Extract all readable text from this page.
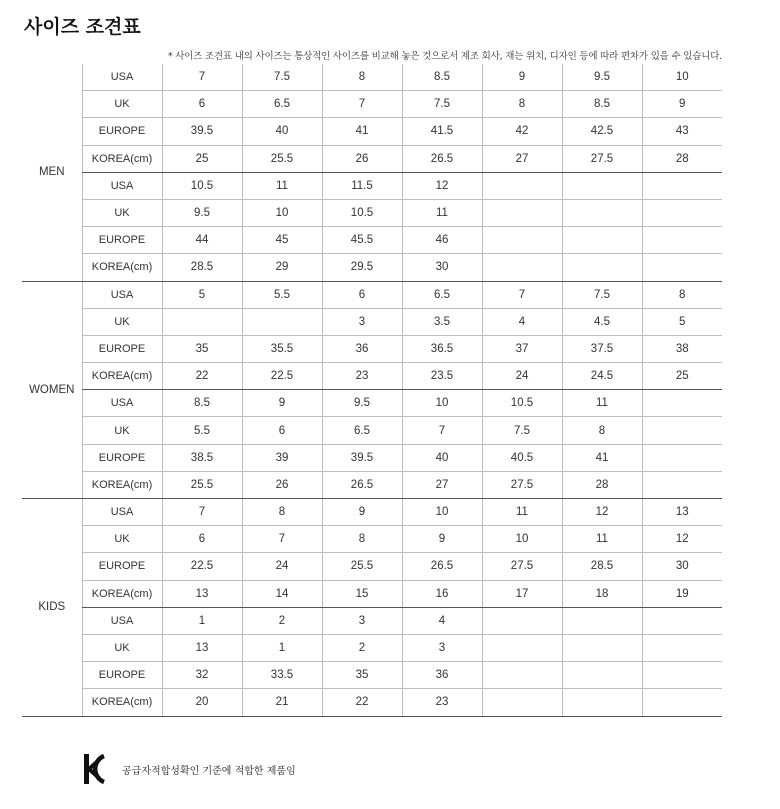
사이즈 조견표
* 사이즈 조견표 내의 사이즈는 통상적인 사이즈를 비교해 놓은 것으로서 제조 회사, 재는 위치, 디자인 등에 따라 편차가 있을 수 있습니다.
MEN	USA	7	7.5	8	8.5	9	9.5	10
	UK	6	6.5	7	7.5	8	8.5	9
	EUROPE	39.5	40	41	41.5	42	42.5	43
	KOREA(cm)	25	25.5	26	26.5	27	27.5	28
	USA	10.5	11	11.5	12			
	UK	9.5	10	10.5	11			
	EUROPE	44	45	45.5	46			
	KOREA(cm)	28.5	29	29.5	30			
WOMEN	USA	5	5.5	6	6.5	7	7.5	8
	UK			3	3.5	4	4.5	5
	EUROPE	35	35.5	36	36.5	37	37.5	38
	KOREA(cm)	22	22.5	23	23.5	24	24.5	25
	USA	8.5	9	9.5	10	10.5	11	
	UK	5.5	6	6.5	7	7.5	8	
	EUROPE	38.5	39	39.5	40	40.5	41	
	KOREA(cm)	25.5	26	26.5	27	27.5	28	
KIDS	USA	7	8	9	10	11	12	13
	UK	6	7	8	9	10	11	12
	EUROPE	22.5	24	25.5	26.5	27.5	28.5	30
	KOREA(cm)	13	14	15	16	17	18	19
	USA	1	2	3	4			
	UK	13	1	2	3			
	EUROPE	32	33.5	35	36			
	KOREA(cm)	20	21	22	23			
공급자적합성확인 기준에 적합한 제품임
